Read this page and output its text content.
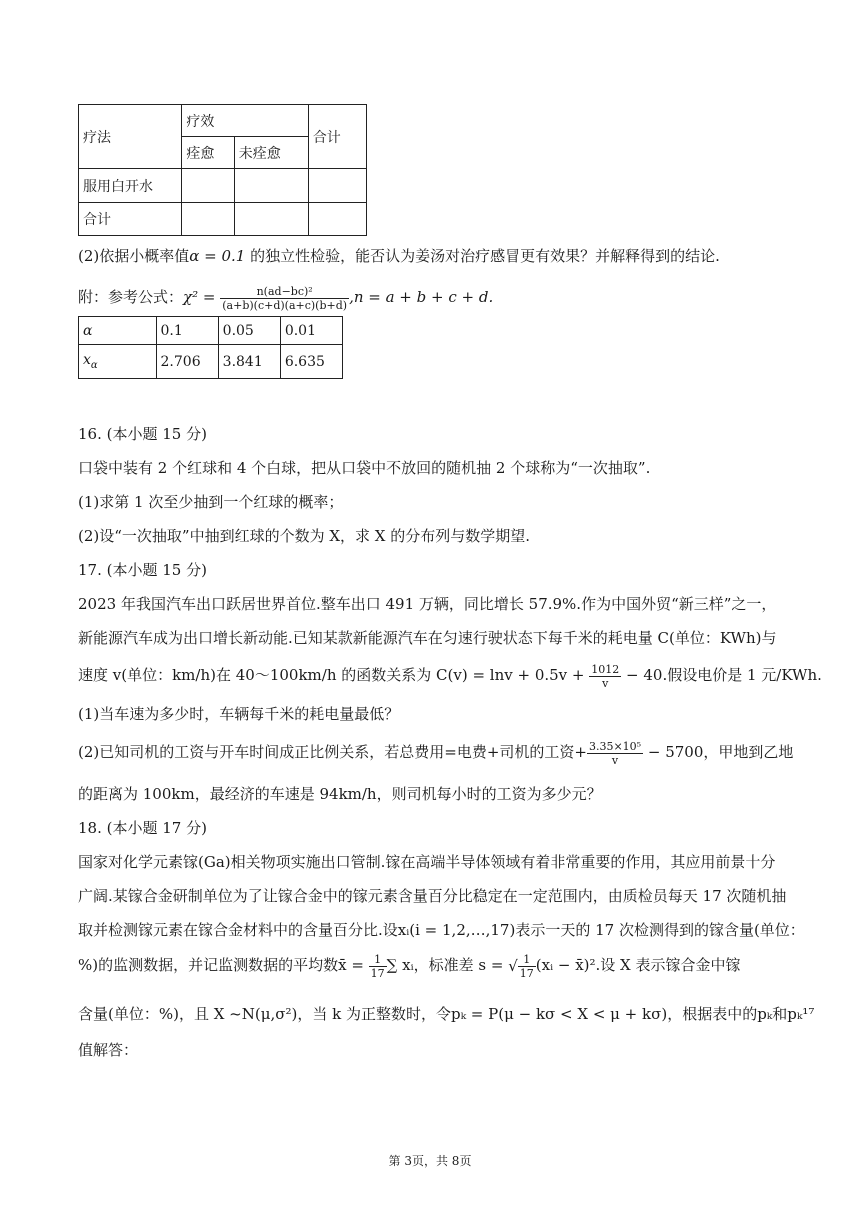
疗法	疗效		合计
	痊愈	未痊愈	
服用白开水			
合计			
(2)依据小概率值α = 0.1 的独立性检验，能否认为姜汤对治疗感冒更有效果？并解释得到的结论.
附：参考公式：$\chi^2 = \frac{\text{n(ad−bc)²}}{(a+b)(c+d)(a+c)(b+d)} ,n = a + b + c + d$.
α	0.1	0.05	0.01
$x_\alpha$	2.706	3.841	6.635
16. (本小题 15 分)
口袋中装有 2 个红球和 4 个白球，把从口袋中不放回的随机抽 2 个球称为“一次抽取”.
(1)求第 1 次至少抽到一个红球的概率；
(2)设“一次抽取”中抽到红球的个数为 X，求 X 的分布列与数学期望.
17. (本小题 15 分)
2023 年我国汽车出口跃居世界首位.整车出口 491 万辆，同比增长 57.9%.作为中国外贸“新三样”之一，
新能源汽车成为出口增长新动能.已知某款新能源汽车在匀速行驶状态下每千米的耗电量 C(单位：KWh)与
速度 v(单位：km/h)在 40～100km/h 的函数关系为 $C(v) = \ln v + 0.5v + \frac{1012}{v} - 40$.假设电价是 1 元/KWh.
(1)当车速为多少时，车辆每千米的耗电量最低？
(2)已知司机的工资与开车时间成正比例关系，若总费用=电费+司机的工资+ $\frac{\text{3.35×10⁵}}{v} - 5700$，甲地到乙地
的距离为 100km，最经济的车速是 94km/h，则司机每小时的工资为多少元？
18. (本小题 17 分)
国家对化学元素镓(Ga)相关物项实施出口管制.镓在高端半导体领域有着非常重要的作用，其应用前景十分
广阔.某镓合金研制单位为了让镓合金中的镓元素含量百分比稳定在一定范围内，由质检员每天 17 次随机抽
取并检测镓元素在镓合金材料中的含量百分比.设xᵢ(i = 1,2,…,17)表示一天的 17 次检测得到的镓含量(单位：
%)的监测数据，并记监测数据的平均数x̄ = $\frac{1}{17}$ ∑ xᵢ，标准差 s = √ $\frac{1}{17}$ (xᵢ − x̄)².设 X 表示镓合金中镓
含量(单位：%)，且 X ~N(μ,σ²)，当 k 为正整数时，令pₖ = P(μ − kσ < X < μ + kσ)，根据表中的pₖ和pₖ¹⁷
值解答：
第 3页，共 8页
